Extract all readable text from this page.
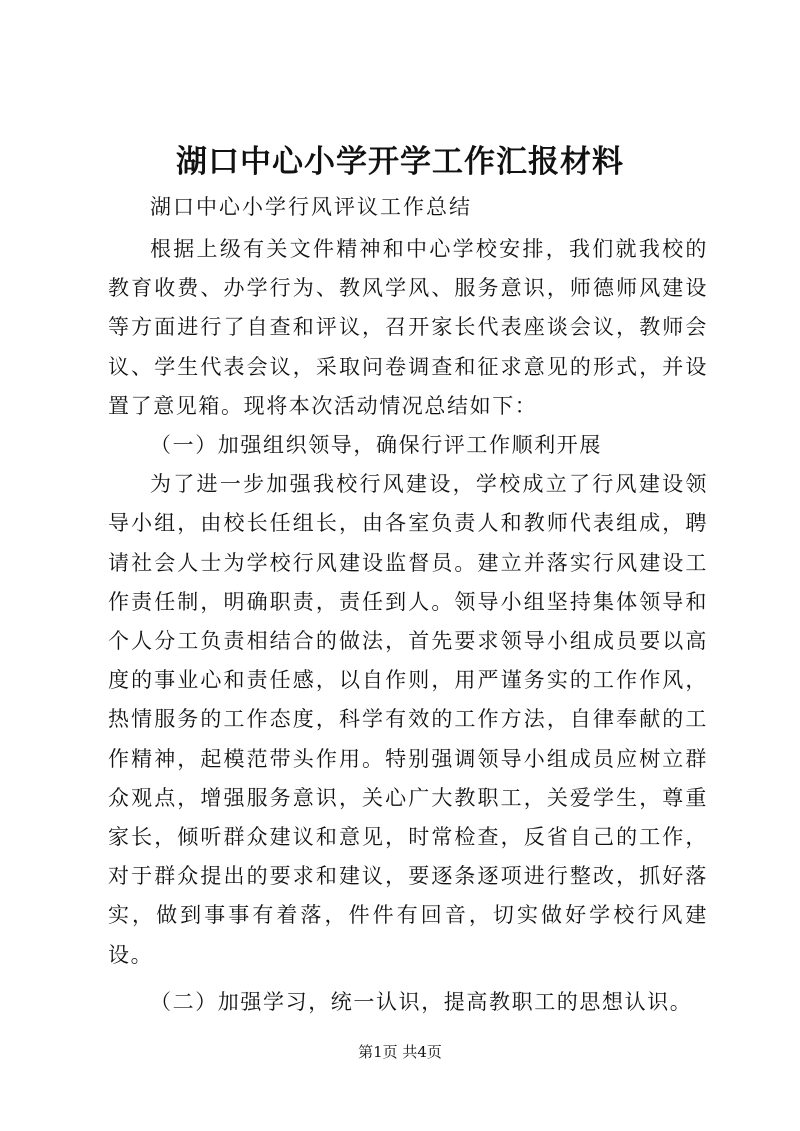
湖口中心小学开学工作汇报材料
湖口中心小学行风评议工作总结

根据上级有关文件精神和中心学校安排，我们就我校的教育收费、办学行为、教风学风、服务意识，师德师风建设等方面进行了自查和评议，召开家长代表座谈会议，教师会议、学生代表会议，采取问卷调查和征求意见的形式，并设置了意见箱。现将本次活动情况总结如下：

（一）加强组织领导，确保行评工作顺利开展

为了进一步加强我校行风建设，学校成立了行风建设领导小组，由校长任组长，由各室负责人和教师代表组成，聘请社会人士为学校行风建设监督员。建立并落实行风建设工作责任制，明确职责，责任到人。领导小组坚持集体领导和个人分工负责相结合的做法，首先要求领导小组成员要以高度的事业心和责任感，以自作则，用严谨务实的工作作风，热情服务的工作态度，科学有效的工作方法，自律奉献的工作精神，起模范带头作用。特别强调领导小组成员应树立群众观点，增强服务意识，关心广大教职工，关爱学生，尊重家长，倾听群众建议和意见，时常检查，反省自己的工作，对于群众提出的要求和建议，要逐条逐项进行整改，抓好落实，做到事事有着落，件件有回音，切实做好学校行风建设。

（二）加强学习，统一认识，提高教职工的思想认识。

第1页 共4页
